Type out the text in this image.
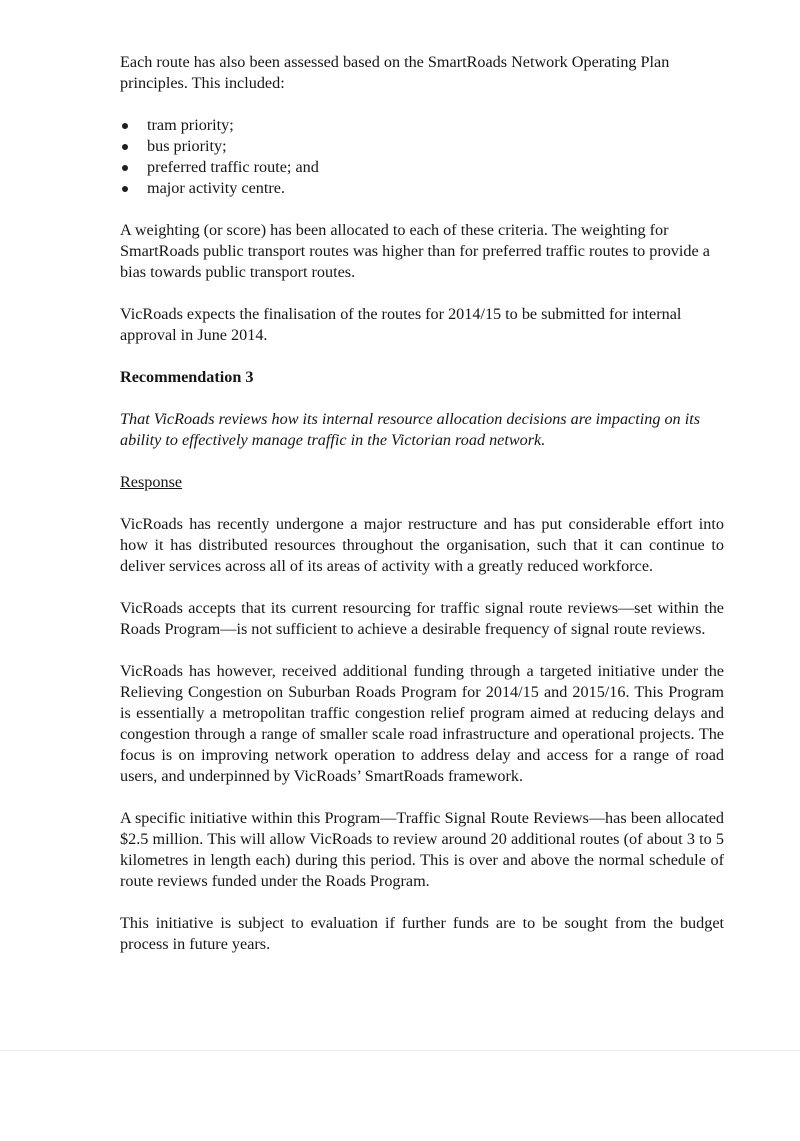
Each route has also been assessed based on the SmartRoads Network Operating Plan principles. This included:

tram priority;
bus priority;
preferred traffic route; and
major activity centre.

A weighting (or score) has been allocated to each of these criteria. The weighting for SmartRoads public transport routes was higher than for preferred traffic routes to provide a bias towards public transport routes.

VicRoads expects the finalisation of the routes for 2014/15 to be submitted for internal approval in June 2014.

Recommendation 3

That VicRoads reviews how its internal resource allocation decisions are impacting on its ability to effectively manage traffic in the Victorian road network.

Response

VicRoads has recently undergone a major restructure and has put considerable effort into how it has distributed resources throughout the organisation, such that it can continue to deliver services across all of its areas of activity with a greatly reduced workforce.

VicRoads accepts that its current resourcing for traffic signal route reviews—set within the Roads Program—is not sufficient to achieve a desirable frequency of signal route reviews.

VicRoads has however, received additional funding through a targeted initiative under the Relieving Congestion on Suburban Roads Program for 2014/15 and 2015/16. This Program is essentially a metropolitan traffic congestion relief program aimed at reducing delays and congestion through a range of smaller scale road infrastructure and operational projects. The focus is on improving network operation to address delay and access for a range of road users, and underpinned by VicRoads’ SmartRoads framework.

A specific initiative within this Program—Traffic Signal Route Reviews—has been allocated $2.5 million. This will allow VicRoads to review around 20 additional routes (of about 3 to 5 kilometres in length each) during this period. This is over and above the normal schedule of route reviews funded under the Roads Program.

This initiative is subject to evaluation if further funds are to be sought from the budget process in future years.
